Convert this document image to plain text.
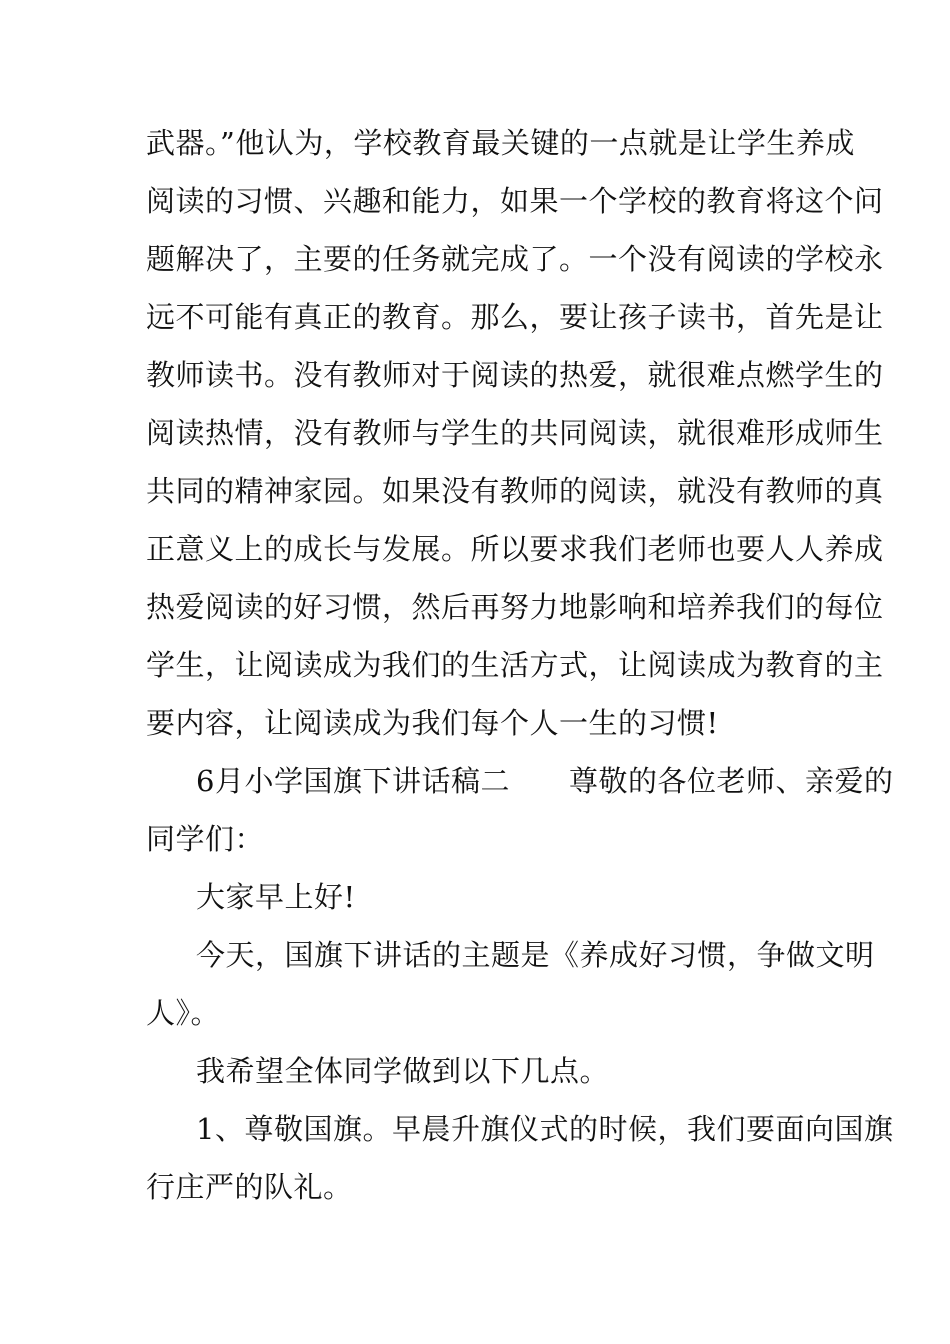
武器。”他认为，学校教育最关键的一点就是让学生养成
阅读的习惯、兴趣和能力，如果一个学校的教育将这个问
题解决了，主要的任务就完成了。一个没有阅读的学校永
远不可能有真正的教育。那么，要让孩子读书，首先是让
教师读书。没有教师对于阅读的热爱，就很难点燃学生的
阅读热情，没有教师与学生的共同阅读，就很难形成师生
共同的精神家园。如果没有教师的阅读，就没有教师的真
正意义上的成长与发展。所以要求我们老师也要人人养成
热爱阅读的好习惯，然后再努力地影响和培养我们的每位
学生，让阅读成为我们的生活方式，让阅读成为教育的主
要内容，让阅读成为我们每个人一生的习惯!
6月小学国旗下讲话稿二　　尊敬的各位老师、亲爱的
同学们：
大家早上好!
今天，国旗下讲话的主题是《养成好习惯，争做文明
人》。
我希望全体同学做到以下几点。
1、尊敬国旗。早晨升旗仪式的时候，我们要面向国旗
行庄严的队礼。
